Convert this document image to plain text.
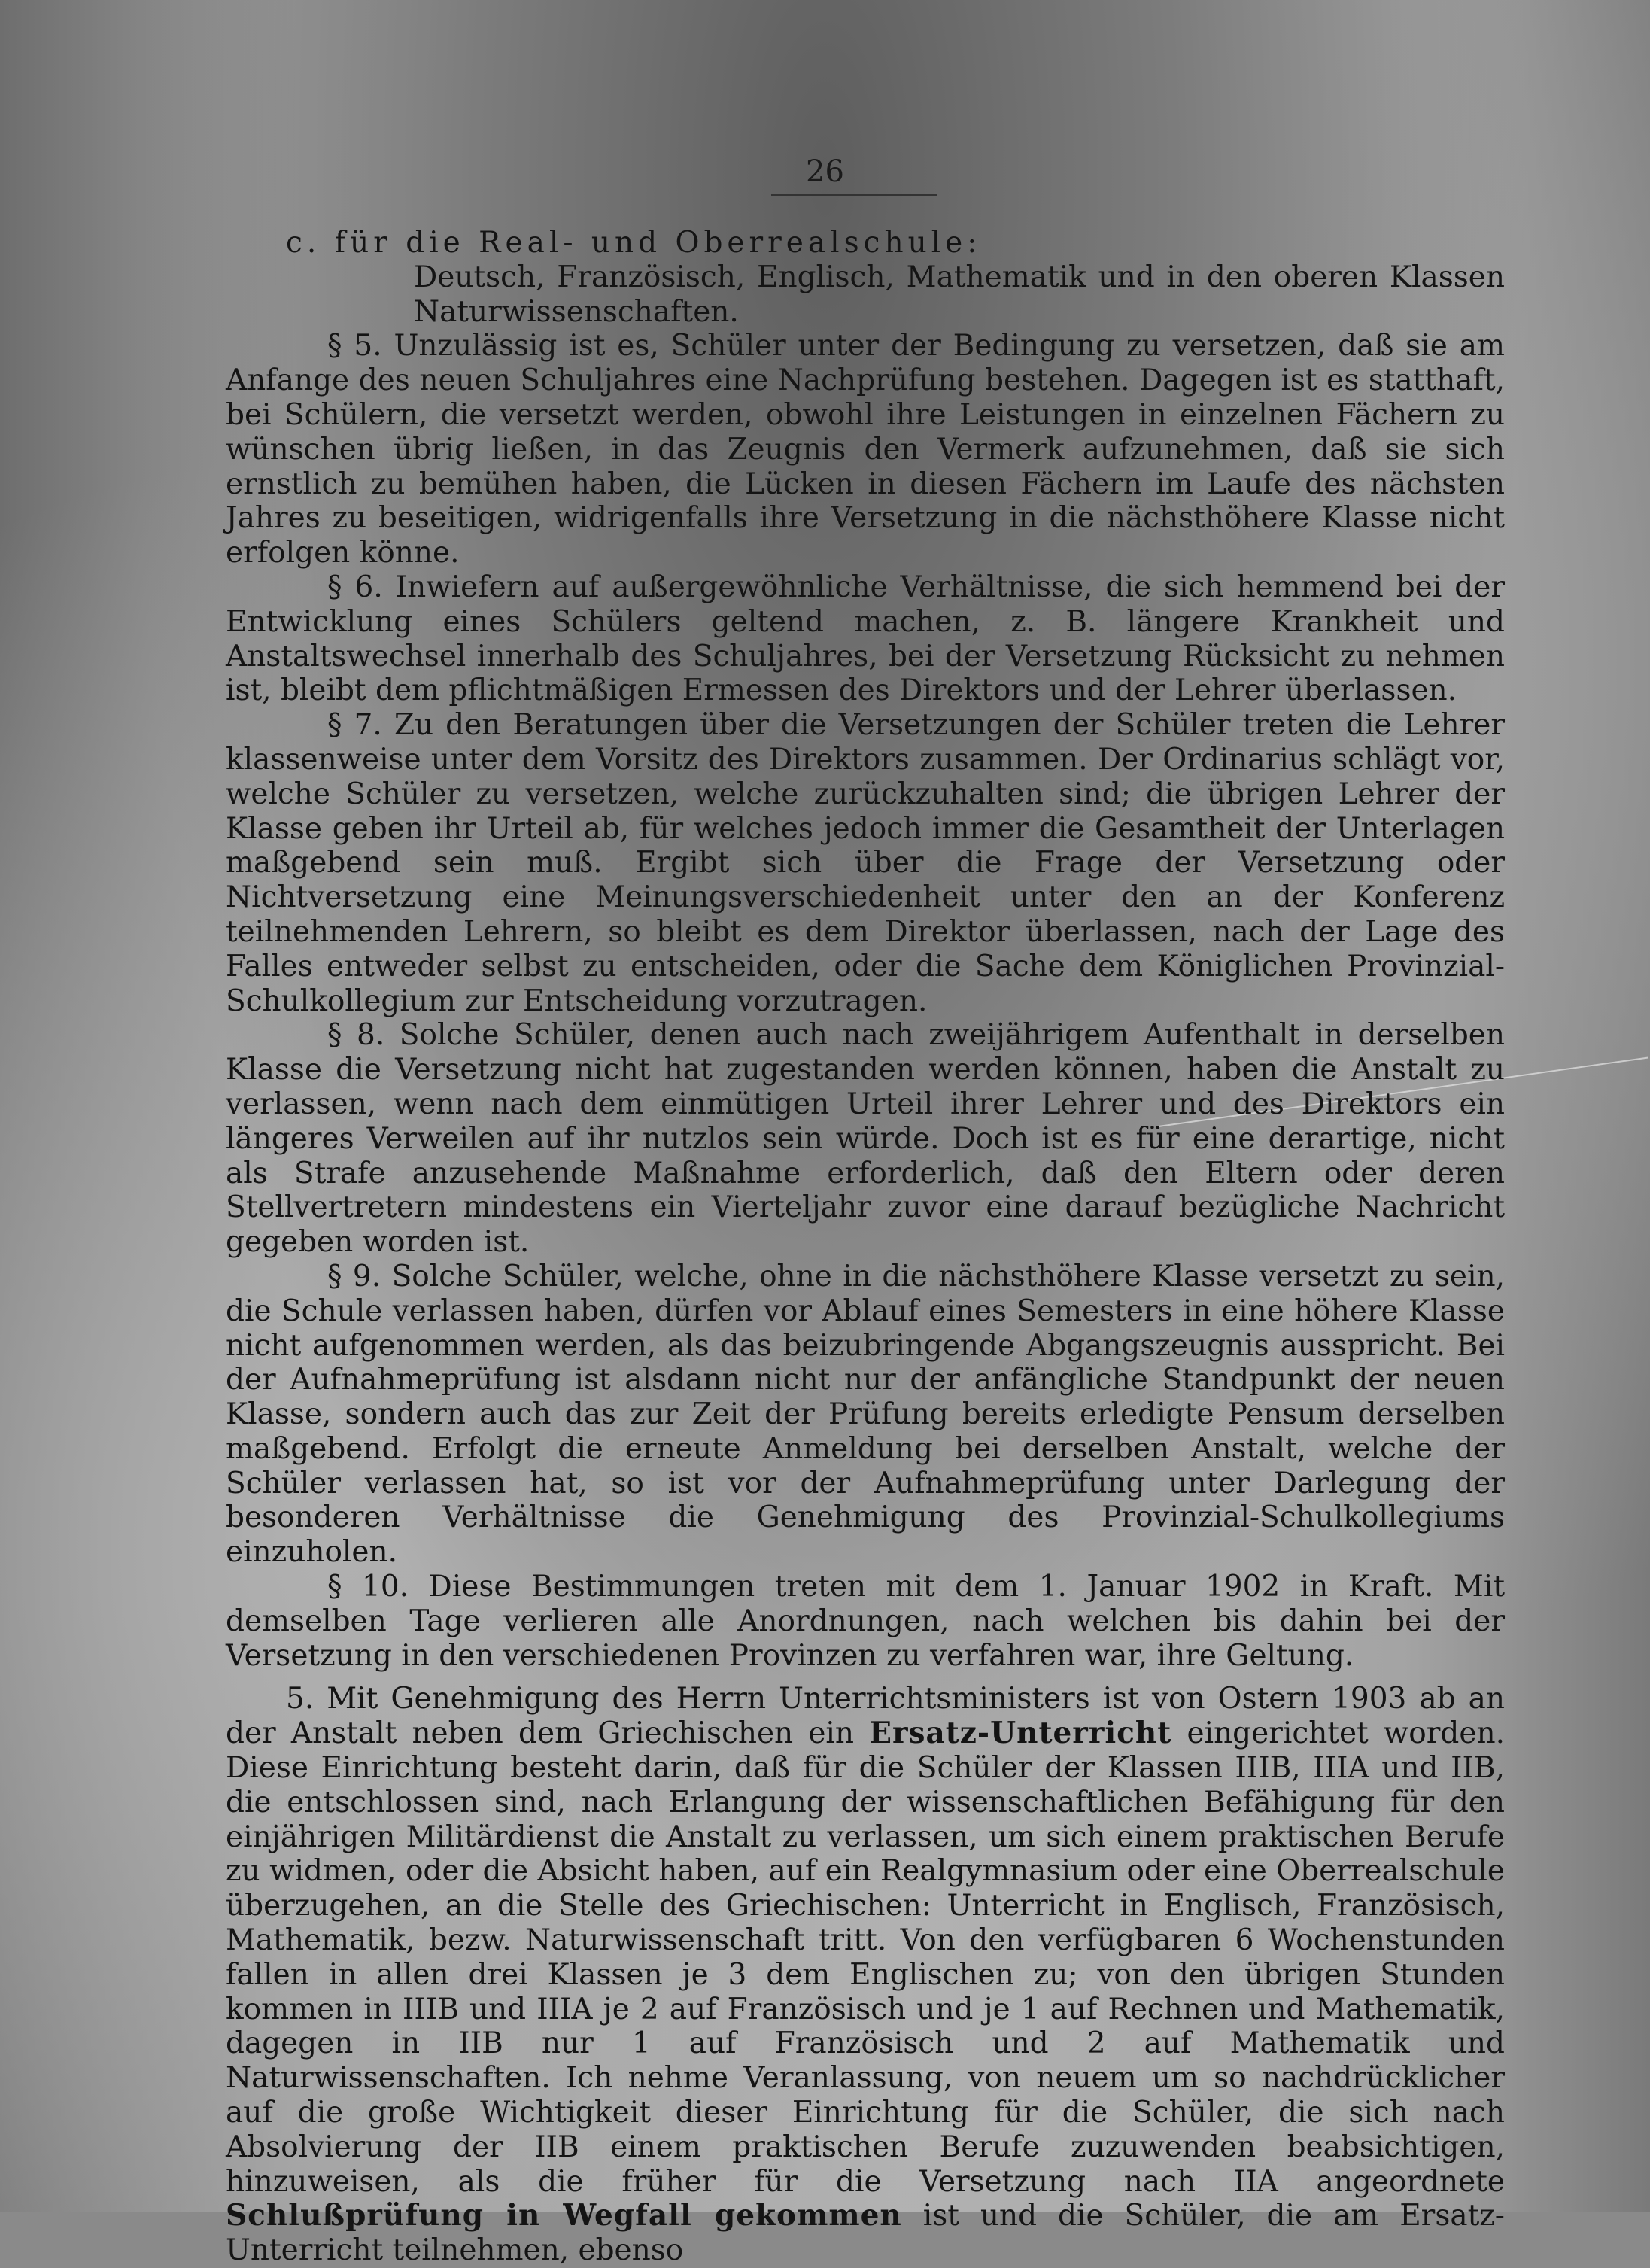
26

c. für die Real- und Oberrealschule:

Deutsch, Französisch, Englisch, Mathematik und in den oberen Klassen Naturwissenschaften.

§ 5. Unzulässig ist es, Schüler unter der Bedingung zu versetzen, daß sie am Anfange des neuen Schuljahres eine Nachprüfung bestehen. Dagegen ist es statthaft, bei Schülern, die versetzt werden, obwohl ihre Leistungen in einzelnen Fächern zu wünschen übrig ließen, in das Zeugnis den Vermerk aufzunehmen, daß sie sich ernstlich zu bemühen haben, die Lücken in diesen Fächern im Laufe des nächsten Jahres zu beseitigen, widrigenfalls ihre Versetzung in die nächsthöhere Klasse nicht erfolgen könne.

§ 6. Inwiefern auf außergewöhnliche Verhältnisse, die sich hemmend bei der Entwicklung eines Schülers geltend machen, z. B. längere Krankheit und Anstaltswechsel innerhalb des Schuljahres, bei der Versetzung Rücksicht zu nehmen ist, bleibt dem pflichtmäßigen Ermessen des Direktors und der Lehrer überlassen.

§ 7. Zu den Beratungen über die Versetzungen der Schüler treten die Lehrer klassenweise unter dem Vorsitz des Direktors zusammen. Der Ordinarius schlägt vor, welche Schüler zu versetzen, welche zurückzuhalten sind; die übrigen Lehrer der Klasse geben ihr Urteil ab, für welches jedoch immer die Gesamtheit der Unterlagen maßgebend sein muß. Ergibt sich über die Frage der Versetzung oder Nichtversetzung eine Meinungsverschiedenheit unter den an der Konferenz teilnehmenden Lehrern, so bleibt es dem Direktor überlassen, nach der Lage des Falles entweder selbst zu entscheiden, oder die Sache dem Königlichen Provinzial-Schulkollegium zur Entscheidung vorzutragen.

§ 8. Solche Schüler, denen auch nach zweijährigem Aufenthalt in derselben Klasse die Versetzung nicht hat zugestanden werden können, haben die Anstalt zu verlassen, wenn nach dem einmütigen Urteil ihrer Lehrer und des Direktors ein längeres Verweilen auf ihr nutzlos sein würde. Doch ist es für eine derartige, nicht als Strafe anzusehende Maßnahme erforderlich, daß den Eltern oder deren Stellvertretern mindestens ein Vierteljahr zuvor eine darauf bezügliche Nachricht gegeben worden ist.

§ 9. Solche Schüler, welche, ohne in die nächsthöhere Klasse versetzt zu sein, die Schule verlassen haben, dürfen vor Ablauf eines Semesters in eine höhere Klasse nicht aufgenommen werden, als das beizubringende Abgangszeugnis ausspricht. Bei der Aufnahmeprüfung ist alsdann nicht nur der anfängliche Standpunkt der neuen Klasse, sondern auch das zur Zeit der Prüfung bereits erledigte Pensum derselben maßgebend. Erfolgt die erneute Anmeldung bei derselben Anstalt, welche der Schüler verlassen hat, so ist vor der Aufnahmeprüfung unter Darlegung der besonderen Verhältnisse die Genehmigung des Provinzial-Schulkollegiums einzuholen.

§ 10. Diese Bestimmungen treten mit dem 1. Januar 1902 in Kraft. Mit demselben Tage verlieren alle Anordnungen, nach welchen bis dahin bei der Versetzung in den verschiedenen Provinzen zu verfahren war, ihre Geltung.

5. Mit Genehmigung des Herrn Unterrichtsministers ist von Ostern 1903 ab an der Anstalt neben dem Griechischen ein Ersatz-Unterricht eingerichtet worden. Diese Einrichtung besteht darin, daß für die Schüler der Klassen IIIB, IIIA und IIB, die entschlossen sind, nach Erlangung der wissenschaftlichen Befähigung für den einjährigen Militärdienst die Anstalt zu verlassen, um sich einem praktischen Berufe zu widmen, oder die Absicht haben, auf ein Realgymnasium oder eine Oberrealschule überzugehen, an die Stelle des Griechischen: Unterricht in Englisch, Französisch, Mathematik, bezw. Naturwissenschaft tritt. Von den verfügbaren 6 Wochenstunden fallen in allen drei Klassen je 3 dem Englischen zu; von den übrigen Stunden kommen in IIIB und IIIA je 2 auf Französisch und je 1 auf Rechnen und Mathematik, dagegen in IIB nur 1 auf Französisch und 2 auf Mathematik und Naturwissenschaften. Ich nehme Veranlassung, von neuem um so nachdrücklicher auf die große Wichtigkeit dieser Einrichtung für die Schüler, die sich nach Absolvierung der IIB einem praktischen Berufe zuzuwenden beabsichtigen, hinzuweisen, als die früher für die Versetzung nach IIA angeordnete Schlußprüfung in Wegfall gekommen ist und die Schüler, die am Ersatz-Unterricht teilnehmen, ebenso
